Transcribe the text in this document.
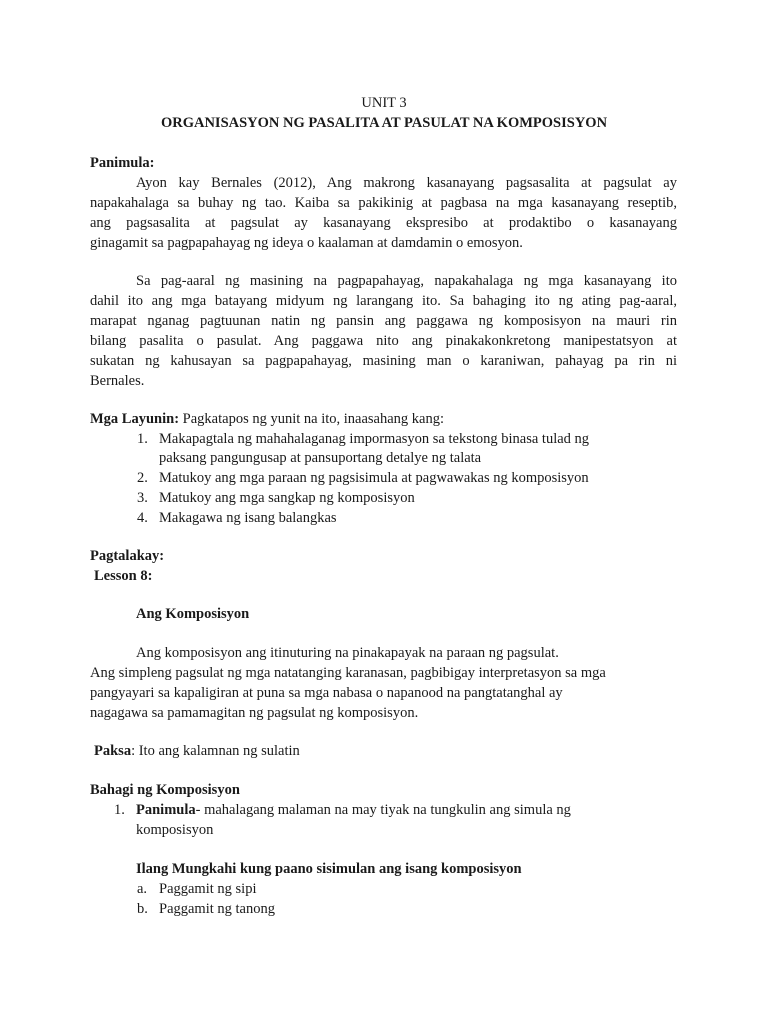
UNIT 3
ORGANISASYON NG PASALITA AT PASULAT NA KOMPOSISYON
Panimula:
Ayon kay Bernales (2012), Ang makrong kasanayang pagsasalita at pagsulat ay
napakahalaga sa buhay ng tao. Kaiba sa pakikinig at pagbasa na mga kasanayang reseptib,
ang pagsasalita at pagsulat ay kasanayang ekspresibo at prodaktibo o kasanayang
ginagamit sa pagpapahayag ng ideya o kaalaman at damdamin o emosyon.
Sa pag-aaral ng masining na pagpapahayag, napakahalaga ng mga kasanayang ito
dahil ito ang mga batayang midyum ng larangang ito. Sa bahaging ito ng ating pag-aaral,
marapat nganag pagtuunan natin ng pansin ang paggawa ng komposisyon na mauri rin
bilang pasalita o pasulat. Ang paggawa nito ang pinakakonkretong manipestatsyon at
sukatan ng kahusayan sa pagpapahayag, masining man o karaniwan, pahayag pa rin ni
Bernales.
Mga Layunin: Pagkatapos ng yunit na ito, inaasahang kang:
1. Makapagtala ng mahahalaganag impormasyon sa tekstong binasa tulad ng
paksang pangungusap at pansuportang detalye ng talata
2. Matukoy ang mga paraan ng pagsisimula at pagwawakas ng komposisyon
3. Matukoy ang mga sangkap ng komposisyon
4. Makagawa ng isang balangkas
Pagtalakay:
Lesson 8:
Ang Komposisyon
Ang komposisyon ang itinuturing na pinakapayak na paraan ng pagsulat.
Ang simpleng pagsulat ng mga natatanging karanasan, pagbibigay interpretasyon sa mga
pangyayari sa kapaligiran at puna sa mga nabasa o napanood na pangtatanghal ay
nagagawa sa pamamagitan ng pagsulat ng komposisyon.
Paksa: Ito ang kalamnan ng sulatin
Bahagi ng Komposisyon
1. Panimula- mahalagang malaman na may tiyak na tungkulin ang simula ng
komposisyon
Ilang Mungkahi kung paano sisimulan ang isang komposisyon
a. Paggamit ng sipi
b. Paggamit ng tanong
